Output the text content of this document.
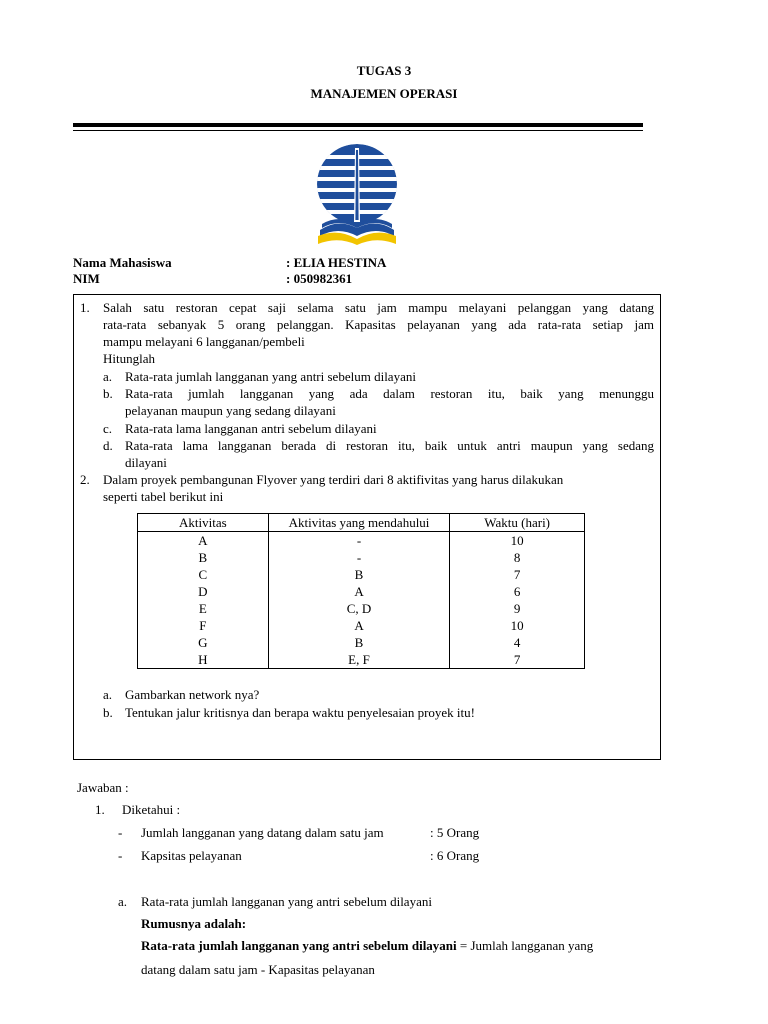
TUGAS 3
MANAJEMEN OPERASI
Nama Mahasiswa	: ELIA HESTINA
NIM	: 050982361
1. Salah satu restoran cepat saji selama satu jam mampu melayani pelanggan yang datang
rata-rata sebanyak 5 orang pelanggan. Kapasitas pelayanan yang ada rata-rata setiap jam
mampu melayani 6 langganan/pembeli
Hitunglah
a. Rata-rata jumlah langganan yang antri sebelum dilayani
b. Rata-rata jumlah langganan yang ada dalam restoran itu, baik yang menunggu
pelayanan maupun yang sedang dilayani
c. Rata-rata lama langganan antri sebelum dilayani
d. Rata-rata lama langganan berada di restoran itu, baik untuk antri maupun yang sedang
dilayani
2. Dalam proyek pembangunan Flyover yang terdiri dari 8 aktifivitas yang harus dilakukan
seperti tabel berikut ini
Aktivitas	Aktivitas yang mendahului	Waktu (hari)
A	-	10
B	-	8
C	B	7
D	A	6
E	C, D	9
F	A	10
G	B	4
H	E, F	7
a. Gambarkan network nya?
b. Tentukan jalur kritisnya dan berapa waktu penyelesaian proyek itu!
Jawaban :
1. Diketahui :
- Jumlah langganan yang datang dalam satu jam	: 5 Orang
- Kapsitas pelayanan	: 6 Orang
a. Rata-rata jumlah langganan yang antri sebelum dilayani
Rumusnya adalah:
Rata-rata jumlah langganan yang antri sebelum dilayani = Jumlah langganan yang
datang dalam satu jam - Kapasitas pelayanan
